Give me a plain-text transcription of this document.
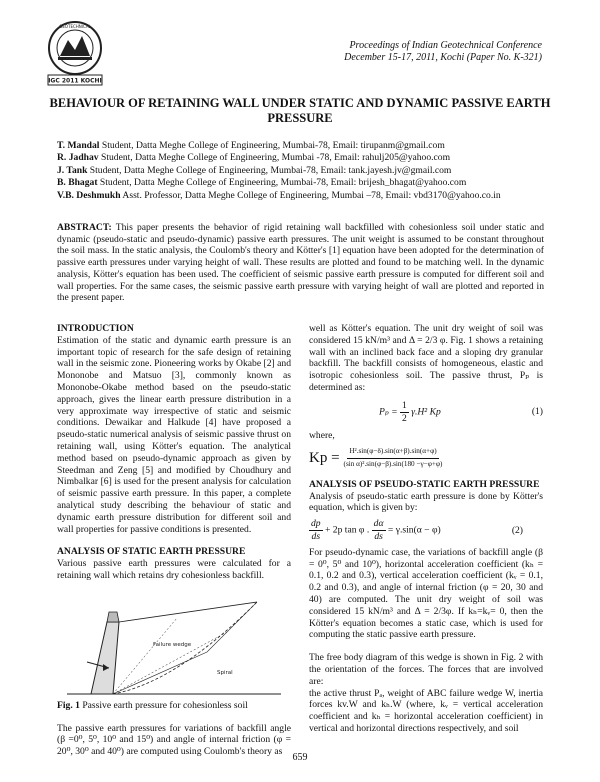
GEOTECHNICAL
IGC 2011 KOCHI
Proceedings of Indian Geotechnical Conference
December 15-17, 2011, Kochi (Paper No. K-321)
BEHAVIOUR OF RETAINING WALL UNDER STATIC AND DYNAMIC PASSIVE EARTH
PRESSURE
T. Mandal Student, Datta Meghe College of Engineering, Mumbai-78, Email: tirupanm@gmail.com
R. Jadhav Student, Datta Meghe College of Engineering, Mumbai -78, Email: rahulj205@yahoo.com
J. Tank Student, Datta Meghe College of Engineering, Mumbai-78, Email: tank.jayesh.jv@gmail.com
B. Bhagat Student, Datta Meghe College of Engineering, Mumbai-78, Email: brijesh_bhagat@yahoo.com
V.B. Deshmukh Asst. Professor, Datta Meghe College of Engineering, Mumbai –78, Email: vbd3170@yahoo.co.in
ABSTRACT: This paper presents the behavior of rigid retaining wall backfilled with cohesionless soil under static and dynamic (pseudo-static and pseudo-dynamic) passive earth pressures. The unit weight is assumed to be constant throughout the soil mass. In the static analysis, the Coulomb's theory and Kötter's [1] equation have been adopted for the determination of passive earth pressures under varying height of wall. These results are plotted and found to be matching well. In the dynamic analysis, Kötter's equation has been used. The coefficient of seismic passive earth pressure is computed for different soil and wall properties. For the same cases, the seismic passive earth pressure with varying height of wall are plotted and reported in the present paper.

INTRODUCTION

Estimation of the static and dynamic earth pressure is an important topic of research for the safe design of retaining wall in the seismic zone. Pioneering works by Okabe [2] and Mononobe and Matsuo [3], commonly known as Mononobe-Okabe method based on the pseudo-static approach, gives the linear earth pressure distribution in a very approximate way irrespective of static and seismic conditions. Dewaikar and Halkude [4] have proposed a pseudo-static numerical analysis of seismic passive thrust on retaining wall, using Kötter's equation. The analytical method based on pseudo-dynamic approach as given by Steedman and Zeng [5] and modified by Choudhury and Nimbalkar [6] is used for the present analysis for calculation of seismic passive earth pressure. In this paper, a complete analytical study describing the behaviour of static and dynamic earth pressure distribution for different soil and wall properties for passive conditions is presented.

ANALYSIS OF STATIC EARTH PRESSURE

Various passive earth pressures were calculated for a retaining wall which retains dry cohesionless backfill.

Failure wedge
Spiral

Fig. 1 Passive earth pressure for cohesionless soil

The passive earth pressures for variations of backfill angle (β =0⁰, 5⁰, 10⁰ and 15⁰) and angle of internal friction (φ = 20⁰, 30⁰ and 40⁰) are computed using Coulomb's theory as

well as Kötter's equation. The unit dry weight of soil was considered 15 kN/m³ and Δ = 2/3 φ. Fig. 1 shows a retaining wall with an inclined back face and a sloping dry granular backfill. The backfill consists of homogeneous, elastic and isotropic cohesionless soil. The passive thrust, Pₚ is determined as:

$P_p = \frac{1}{2} \gamma.H^2$ Kp	(1)

where,

$Kp = \frac{\text{H².sin(φ−δ).sin(α+β).sin(α+φ)}}{\text{(sin α)².sin(φ−β).sin(180 −γ−φ+φ)}}$

ANALYSIS OF PSEUDO-STATIC EARTH PRESSURE

Analysis of pseudo-static earth pressure is done by Kötter's equation, which is given by:

$\frac{dp}{ds} + 2p$ tan φ . $\frac{d\alpha}{ds} = \gamma.\sin(\alpha - \varphi)$	(2)

For pseudo-dynamic case, the variations of backfill angle (β = 0⁰, 5⁰ and 10⁰), horizontal acceleration coefficient (kₕ = 0.1, 0.2 and 0.3), vertical acceleration coefficient (kᵥ = 0.1, 0.2 and 0.3), and angle of internal friction (φ = 20, 30 and 40) are computed. The unit dry weight of soil was considered 15 kN/m³ and Δ = 2/3φ. If kₕ=kᵥ= 0, then the Kötter's equation becomes a static case, which is used for computing the static passive earth pressure.

The free body diagram of this wedge is shown in Fig. 2 with the orientation of the forces. The forces that are involved are:

the active thrust Pₐ, weight of ABC failure wedge W, inertia forces kv.W and kₕ.W (where, kᵥ = vertical acceleration coefficient and kₕ = horizontal acceleration coefficient) in vertical and horizontal directions respectively, and soil

659
